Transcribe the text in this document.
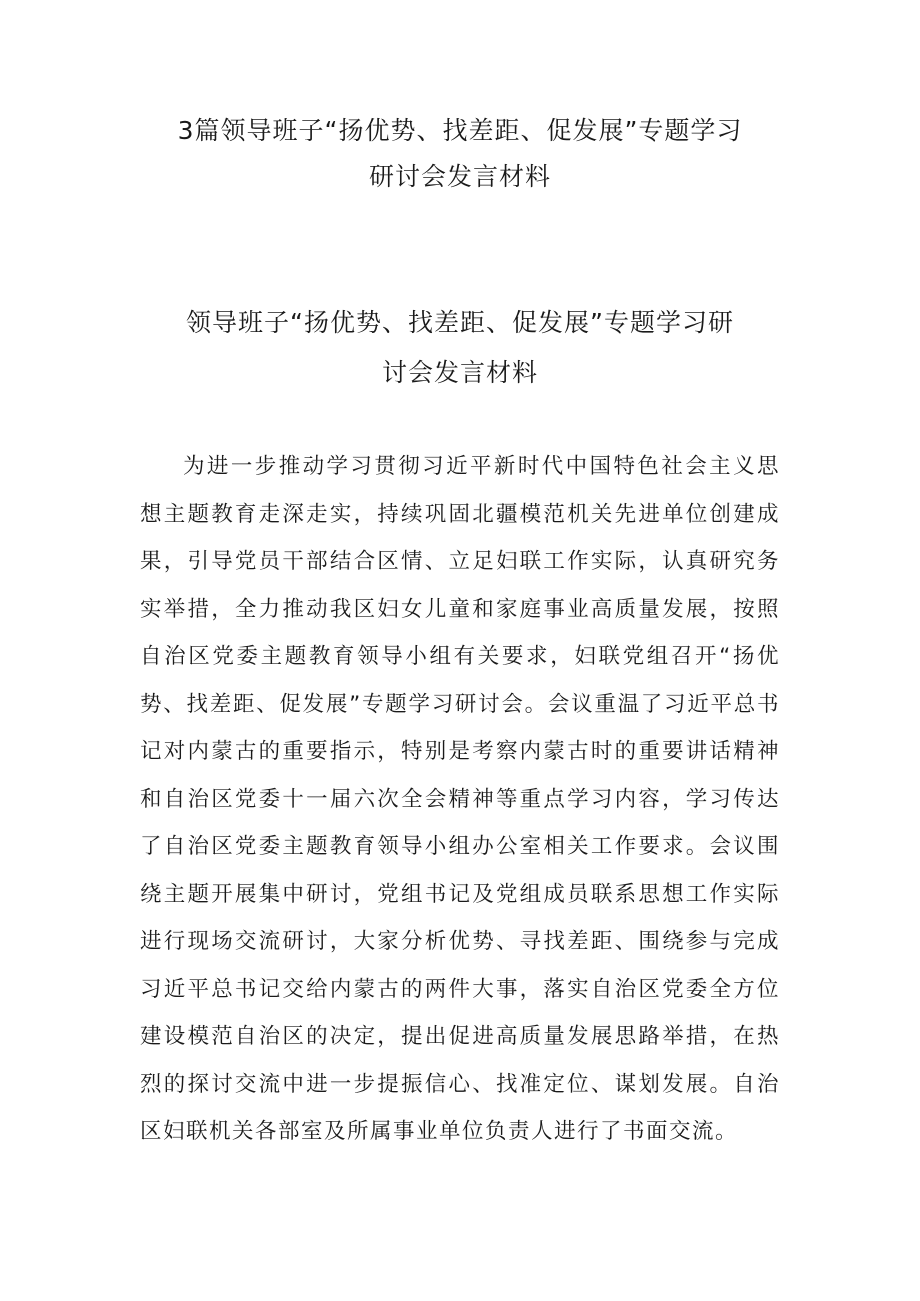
3篇领导班子“扬优势、找差距、促发展”专题学习
研讨会发言材料
领导班子“扬优势、找差距、促发展”专题学习研
讨会发言材料

为进一步推动学习贯彻习近平新时代中国特色社会主义思想主题教育走深走实，持续巩固北疆模范机关先进单位创建成果，引导党员干部结合区情、立足妇联工作实际，认真研究务实举措，全力推动我区妇女儿童和家庭事业高质量发展，按照自治区党委主题教育领导小组有关要求，妇联党组召开“扬优势、找差距、促发展”专题学习研讨会。会议重温了习近平总书记对内蒙古的重要指示，特别是考察内蒙古时的重要讲话精神和自治区党委十一届六次全会精神等重点学习内容，学习传达了自治区党委主题教育领导小组办公室相关工作要求。会议围绕主题开展集中研讨，党组书记及党组成员联系思想工作实际进行现场交流研讨，大家分析优势、寻找差距、围绕参与完成习近平总书记交给内蒙古的两件大事，落实自治区党委全方位建设模范自治区的决定，提出促进高质量发展思路举措，在热烈的探讨交流中进一步提振信心、找准定位、谋划发展。自治区妇联机关各部室及所属事业单位负责人进行了书面交流。
